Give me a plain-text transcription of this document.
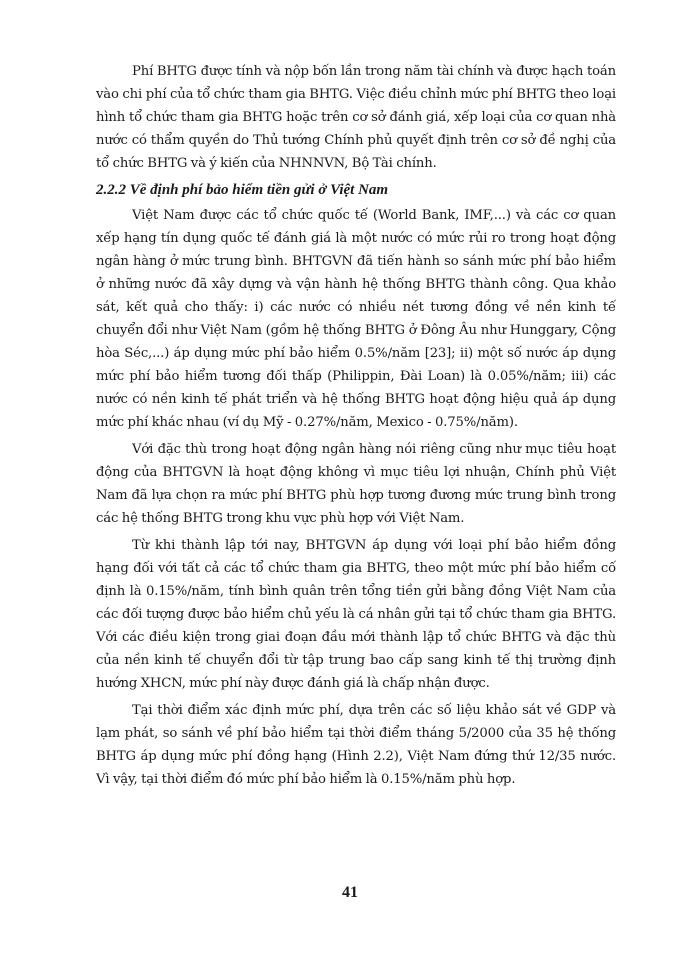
Phí BHTG được tính và nộp bốn lần trong năm tài chính và được hạch toán vào chi phí của tổ chức tham gia BHTG. Việc điều chỉnh mức phí BHTG theo loại hình tổ chức tham gia BHTG hoặc trên cơ sở đánh giá, xếp loại của cơ quan nhà nước có thẩm quyền do Thủ tướng Chính phủ quyết định trên cơ sở đề nghị của tổ chức BHTG và ý kiến của NHNNVN, Bộ Tài chính.

2.2.2 Về định phí bảo hiểm tiền gửi ở Việt Nam

Việt Nam được các tổ chức quốc tế (World Bank, IMF,...) và các cơ quan xếp hạng tín dụng quốc tế đánh giá là một nước có mức rủi ro trong hoạt động ngân hàng ở mức trung bình. BHTGVN đã tiến hành so sánh mức phí bảo hiểm ở những nước đã xây dựng và vận hành hệ thống BHTG thành công. Qua khảo sát, kết quả cho thấy: i) các nước có nhiều nét tương đồng về nền kinh tế chuyển đổi như Việt Nam (gồm hệ thống BHTG ở Đông Âu như Hunggary, Cộng hòa Séc,...) áp dụng mức phí bảo hiểm 0.5%/năm [23]; ii) một số nước áp dụng mức phí bảo hiểm tương đối thấp (Philippin, Đài Loan) là 0.05%/năm; iii) các nước có nền kinh tế phát triển và hệ thống BHTG hoạt động hiệu quả áp dụng mức phí khác nhau (ví dụ Mỹ - 0.27%/năm, Mexico - 0.75%/năm).

Với đặc thù trong hoạt động ngân hàng nói riêng cũng như mục tiêu hoạt động của BHTGVN là hoạt động không vì mục tiêu lợi nhuận, Chính phủ Việt Nam đã lựa chọn ra mức phí BHTG phù hợp tương đương mức trung bình trong các hệ thống BHTG trong khu vực phù hợp với Việt Nam.

Từ khi thành lập tới nay, BHTGVN áp dụng với loại phí bảo hiểm đồng hạng đối với tất cả các tổ chức tham gia BHTG, theo một mức phí bảo hiểm cố định là 0.15%/năm, tính bình quân trên tổng tiền gửi bằng đồng Việt Nam của các đối tượng được bảo hiểm chủ yếu là cá nhân gửi tại tổ chức tham gia BHTG. Với các điều kiện trong giai đoạn đầu mới thành lập tổ chức BHTG và đặc thù của nền kinh tế chuyển đổi từ tập trung bao cấp sang kinh tế thị trường định hướng XHCN, mức phí này được đánh giá là chấp nhận được.

Tại thời điểm xác định mức phí, dựa trên các số liệu khảo sát về GDP và lạm phát, so sánh về phí bảo hiểm tại thời điểm tháng 5/2000 của 35 hệ thống BHTG áp dụng mức phí đồng hạng (Hình 2.2), Việt Nam đứng thứ 12/35 nước. Vì vậy, tại thời điểm đó mức phí bảo hiểm là 0.15%/năm phù hợp.

41
